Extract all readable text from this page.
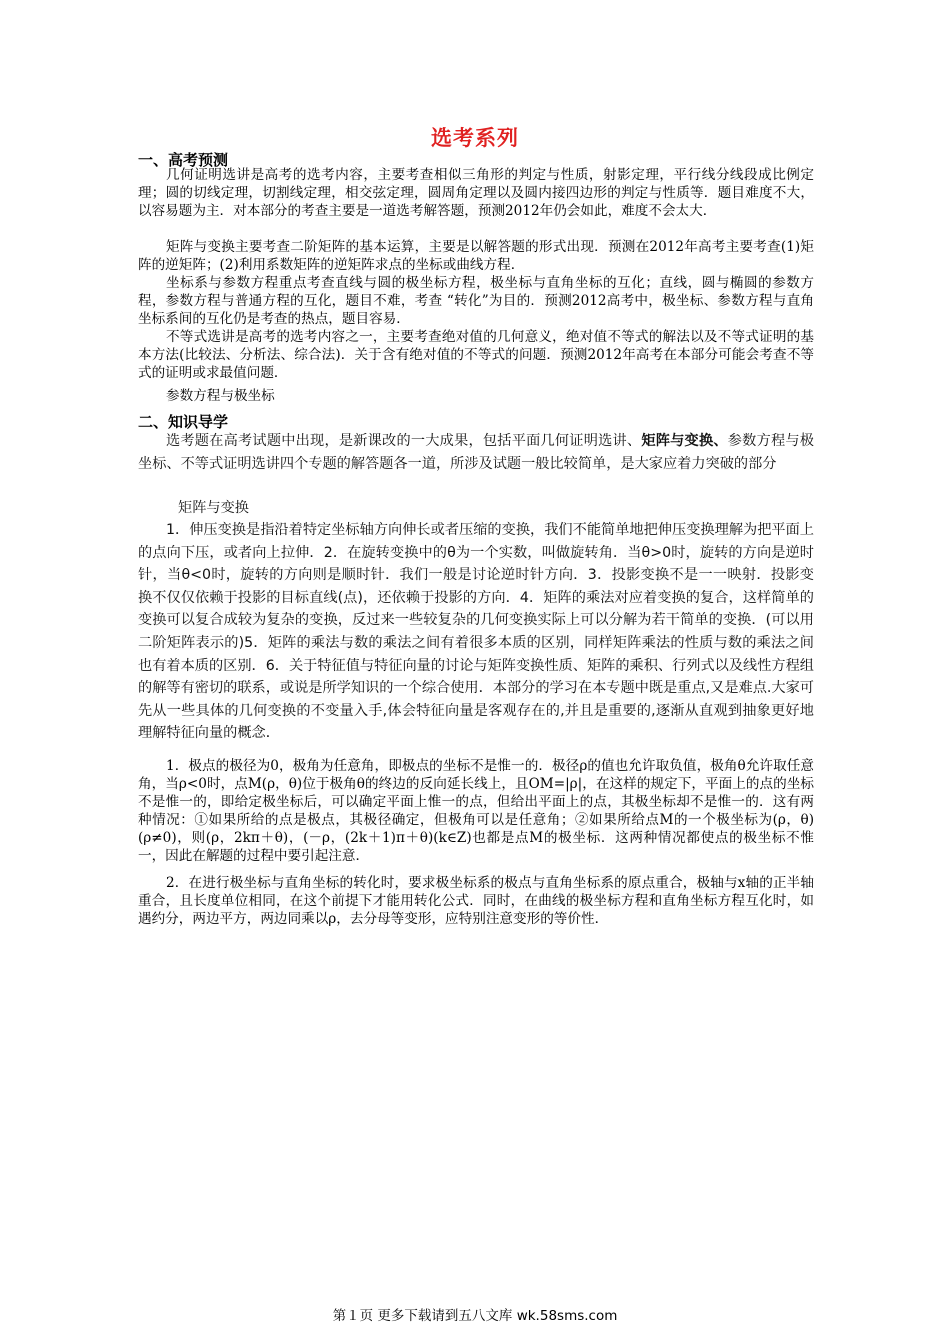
选考系列
一、高考预测

几何证明选讲是高考的选考内容，主要考查相似三角形的判定与性质，射影定理，平行线分线段成比例定理；圆的切线定理，切割线定理，相交弦定理，圆周角定理以及圆内接四边形的判定与性质等．题目难度不大，以容易题为主．对本部分的考查主要是一道选考解答题，预测2012年仍会如此，难度不会太大．

矩阵与变换主要考查二阶矩阵的基本运算，主要是以解答题的形式出现．预测在2012年高考主要考查(1)矩阵的逆矩阵；(2)利用系数矩阵的逆矩阵求点的坐标或曲线方程．

坐标系与参数方程重点考查直线与圆的极坐标方程，极坐标与直角坐标的互化；直线，圆与椭圆的参数方程，参数方程与普通方程的互化，题目不难，考查 “转化”为目的．预测2012高考中，极坐标、参数方程与直角坐标系间的互化仍是考查的热点，题目容易．

不等式选讲是高考的选考内容之一，主要考查绝对值的几何意义，绝对值不等式的解法以及不等式证明的基本方法(比较法、分析法、综合法)．关于含有绝对值的不等式的问题．预测2012年高考在本部分可能会考查不等式的证明或求最值问题．

参数方程与极坐标
二、知识导学

选考题在高考试题中出现，是新课改的一大成果，包括平面几何证明选讲、矩阵与变换、参数方程与极坐标、不等式证明选讲四个专题的解答题各一道，所涉及试题一般比较简单，是大家应着力突破的部分

矩阵与变换

1．伸压变换是指沿着特定坐标轴方向伸长或者压缩的变换，我们不能简单地把伸压变换理解为把平面上的点向下压，或者向上拉伸．2．在旋转变换中的θ为一个实数，叫做旋转角．当θ>0时，旋转的方向是逆时针，当θ<0时，旋转的方向则是顺时针．我们一般是讨论逆时针方向．3．投影变换不是一一映射．投影变换不仅仅依赖于投影的目标直线(点)，还依赖于投影的方向．4．矩阵的乘法对应着变换的复合，这样简单的变换可以复合成较为复杂的变换，反过来一些较复杂的几何变换实际上可以分解为若干简单的变换．(可以用二阶矩阵表示的)5．矩阵的乘法与数的乘法之间有着很多本质的区别，同样矩阵乘法的性质与数的乘法之间也有着本质的区别．6．关于特征值与特征向量的讨论与矩阵变换性质、矩阵的乘积、行列式以及线性方程组的解等有密切的联系，或说是所学知识的一个综合使用．本部分的学习在本专题中既是重点,又是难点.大家可先从一些具体的几何变换的不变量入手,体会特征向量是客观存在的,并且是重要的,逐渐从直观到抽象更好地理解特征向量的概念．

1．极点的极径为0，极角为任意角，即极点的坐标不是惟一的．极径ρ的值也允许取负值，极角θ允许取任意角，当ρ<0时，点M(ρ，θ)位于极角θ的终边的反向延长线上，且OM=|ρ|，在这样的规定下，平面上的点的坐标不是惟一的，即给定极坐标后，可以确定平面上惟一的点，但给出平面上的点，其极坐标却不是惟一的．这有两种情况：①如果所给的点是极点，其极径确定，但极角可以是任意角；②如果所给点M的一个极坐标为(ρ，θ)(ρ≠0)，则(ρ，2kπ＋θ)，(－ρ，(2k＋1)π＋θ)(k∈Z)也都是点M的极坐标．这两种情况都使点的极坐标不惟一，因此在解题的过程中要引起注意．

2．在进行极坐标与直角坐标的转化时，要求极坐标系的极点与直角坐标系的原点重合，极轴与x轴的正半轴重合，且长度单位相同，在这个前提下才能用转化公式．同时，在曲线的极坐标方程和直角坐标方程互化时，如遇约分，两边平方，两边同乘以ρ，去分母等变形，应特别注意变形的等价性．

第１页 更多下载请到五八文库 wk.58sms.com
